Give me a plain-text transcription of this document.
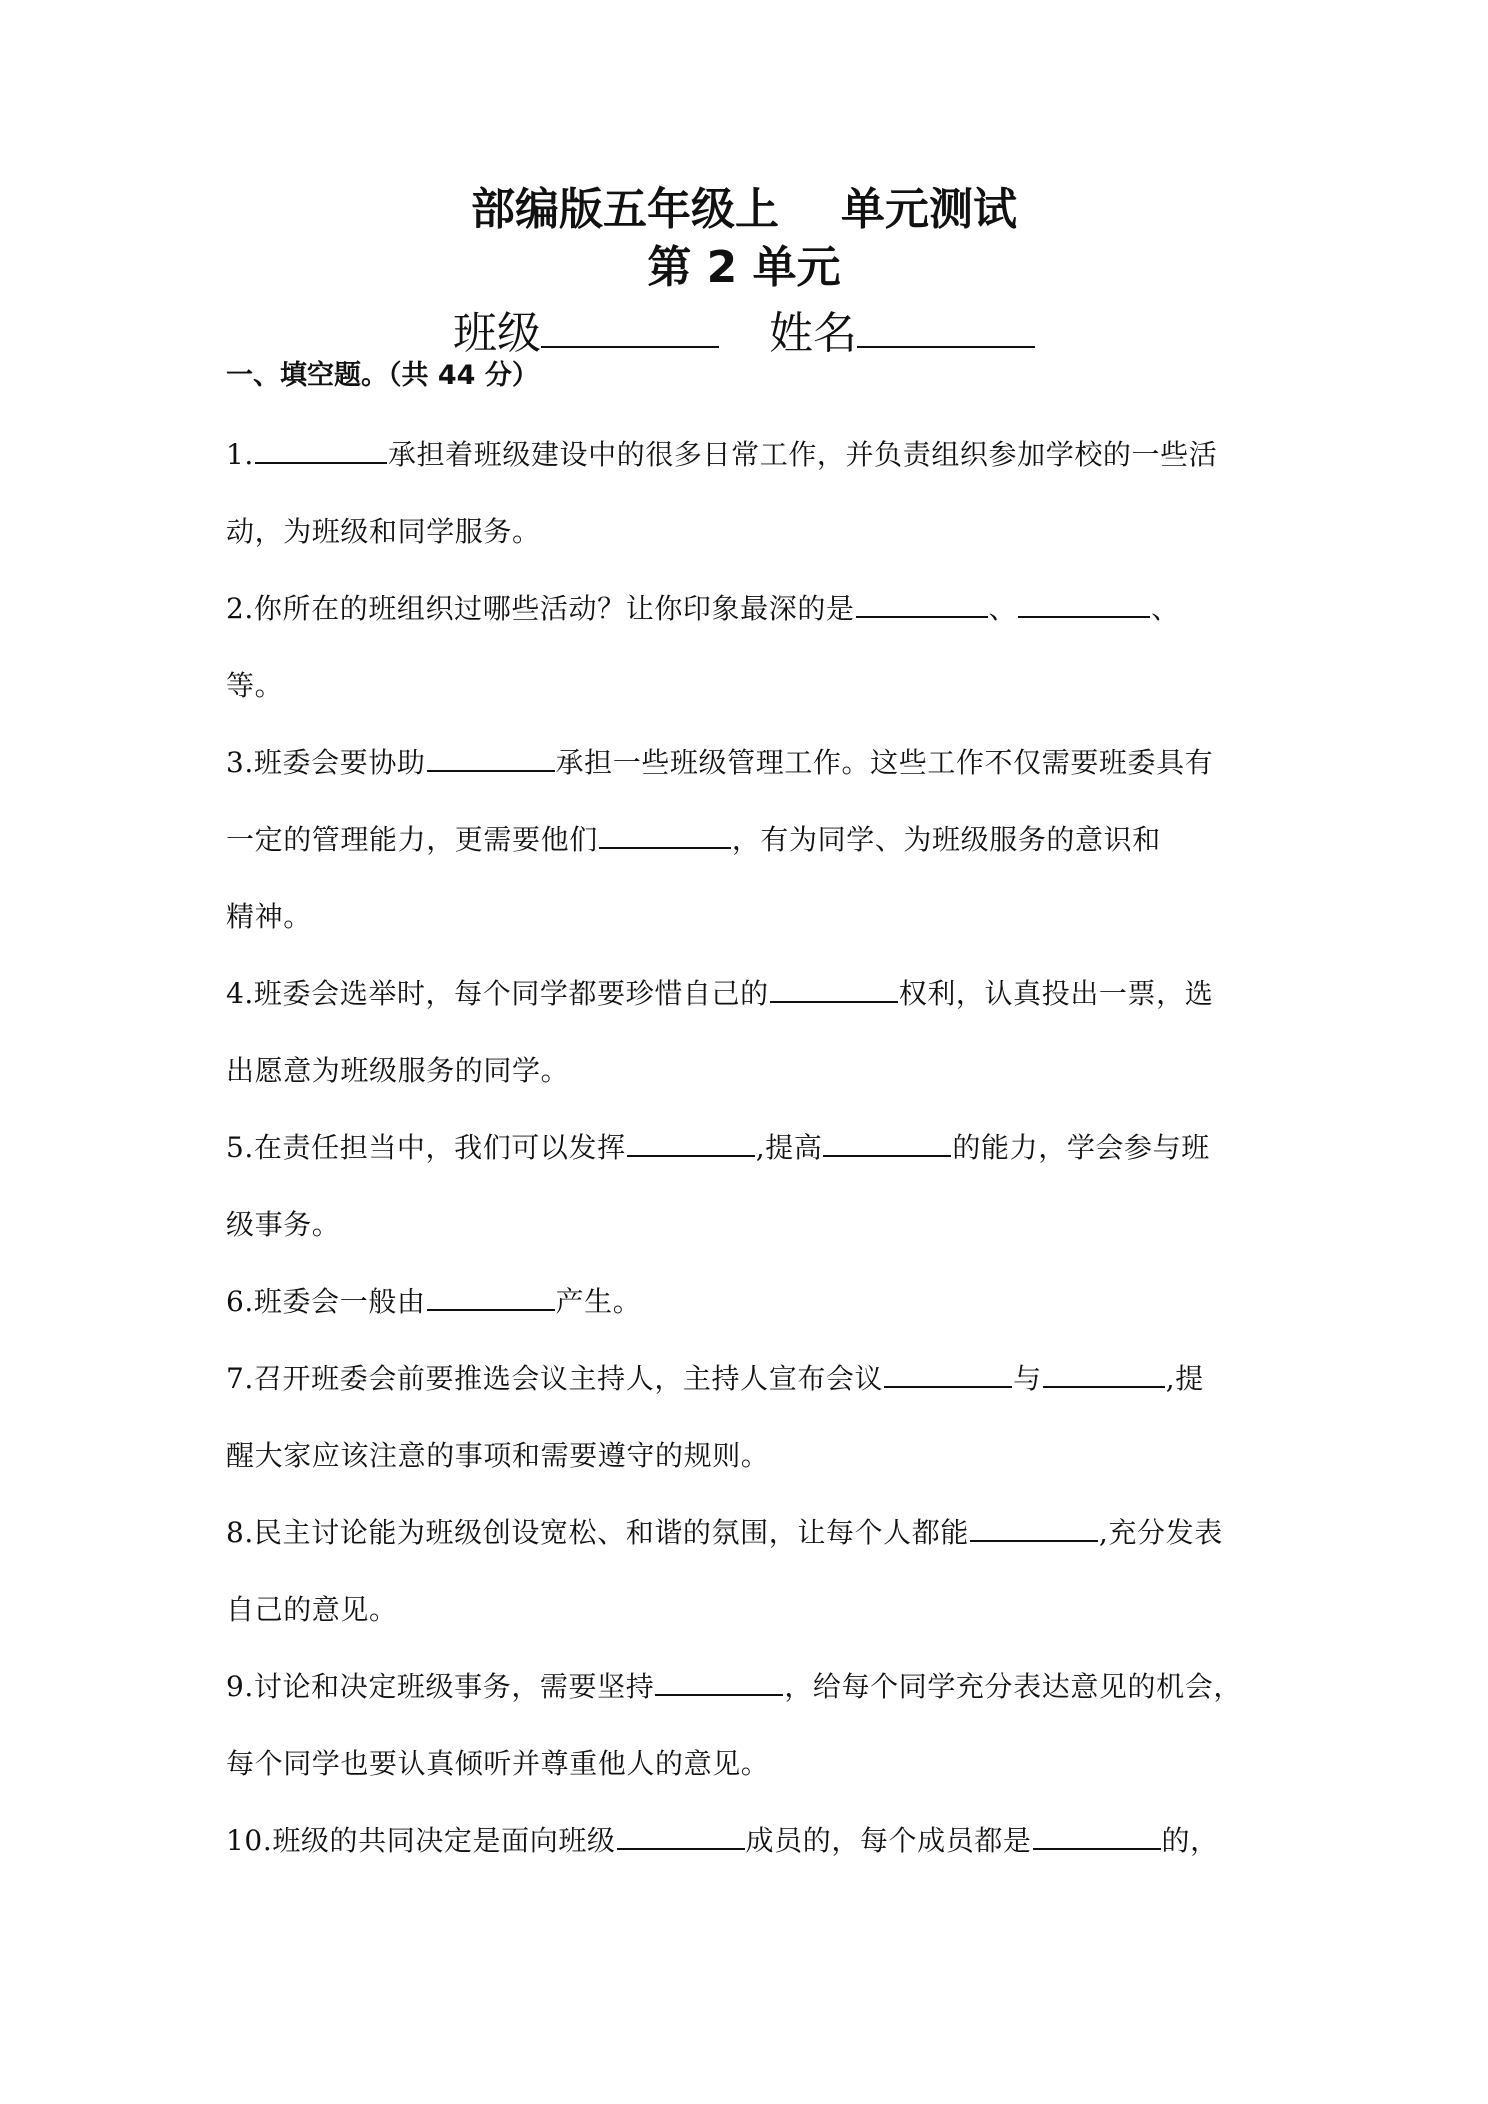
部编版五年级上 单元测试
第 2 单元
班级	姓名
一、填空题。（共 44 分）
1.	承担着班级建设中的很多日常工作，并负责组织参加学校的一些活
动，为班级和同学服务。
2.你所在的班组织过哪些活动？让你印象最深的是	、	、
等。
3.班委会要协助	承担一些班级管理工作。这些工作不仅需要班委具有
一定的管理能力，更需要他们	，有为同学、为班级服务的意识和
精神。
4.班委会选举时，每个同学都要珍惜自己的	权利，认真投出一票，选
出愿意为班级服务的同学。
5.在责任担当中，我们可以发挥	,提高	的能力，学会参与班
级事务。
6.班委会一般由	产生。
7.召开班委会前要推选会议主持人，主持人宣布会议	与	,提
醒大家应该注意的事项和需要遵守的规则。
8.民主讨论能为班级创设宽松、和谐的氛围，让每个人都能	,充分发表
自己的意见。
9.讨论和决定班级事务，需要坚持	，给每个同学充分表达意见的机会，
每个同学也要认真倾听并尊重他人的意见。
10.班级的共同决定是面向班级	成员的，每个成员都是	的，
